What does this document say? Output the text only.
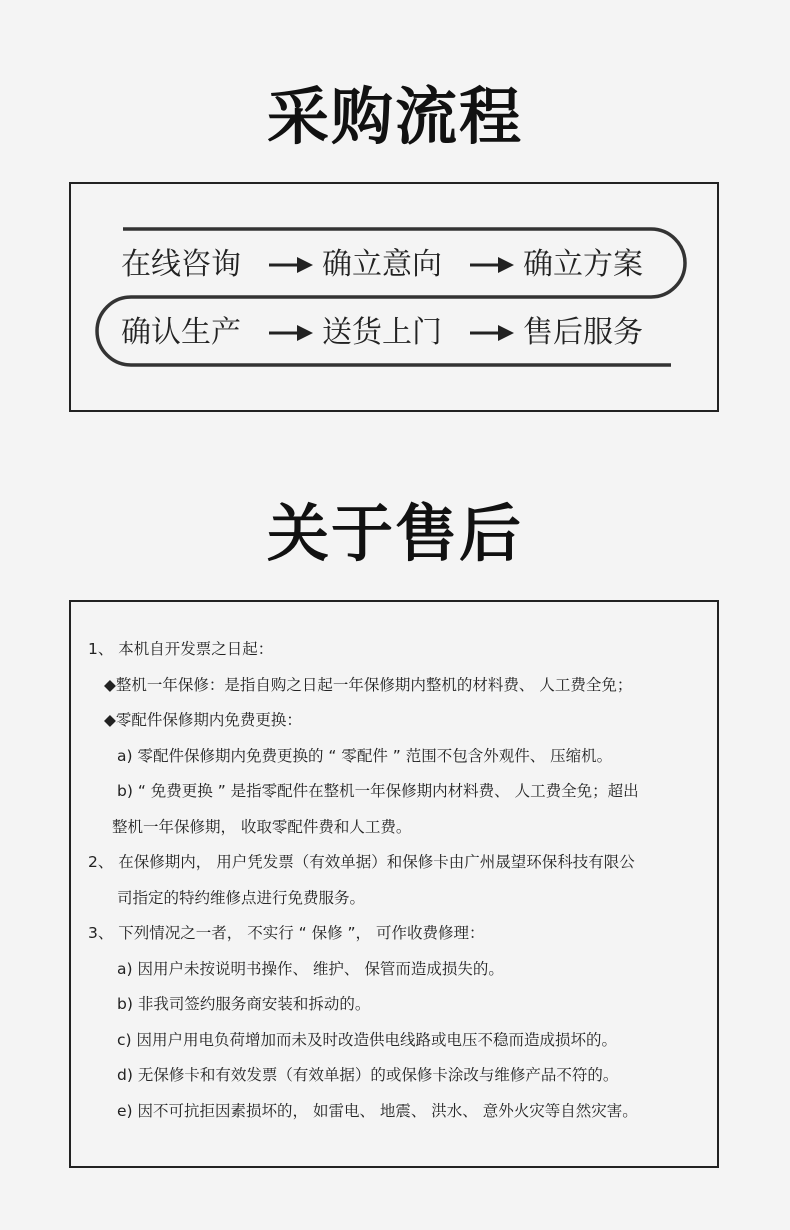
采购流程
在线咨询	确立意向	确立方案
确认生产	送货上门	售后服务
关于售后
1、 本机自开发票之日起：
◆整机一年保修：是指自购之日起一年保修期内整机的材料费、 人工费全免；
◆零配件保修期内免费更换：
a) 零配件保修期内免费更换的 “ 零配件 ” 范围不包含外观件、 压缩机。
b) “ 免费更换 ” 是指零配件在整机一年保修期内材料费、 人工费全免；超出
整机一年保修期， 收取零配件费和人工费。
2、 在保修期内， 用户凭发票（有效单据）和保修卡由广州晟望环保科技有限公
司指定的特约维修点进行免费服务。
3、 下列情况之一者， 不实行 “ 保修 ”， 可作收费修理：
a) 因用户未按说明书操作、 维护、 保管而造成损失的。
b) 非我司签约服务商安装和拆动的。
c) 因用户用电负荷增加而未及时改造供电线路或电压不稳而造成损坏的。
d) 无保修卡和有效发票（有效单据）的或保修卡涂改与维修产品不符的。
e) 因不可抗拒因素损坏的， 如雷电、 地震、 洪水、 意外火灾等自然灾害。
